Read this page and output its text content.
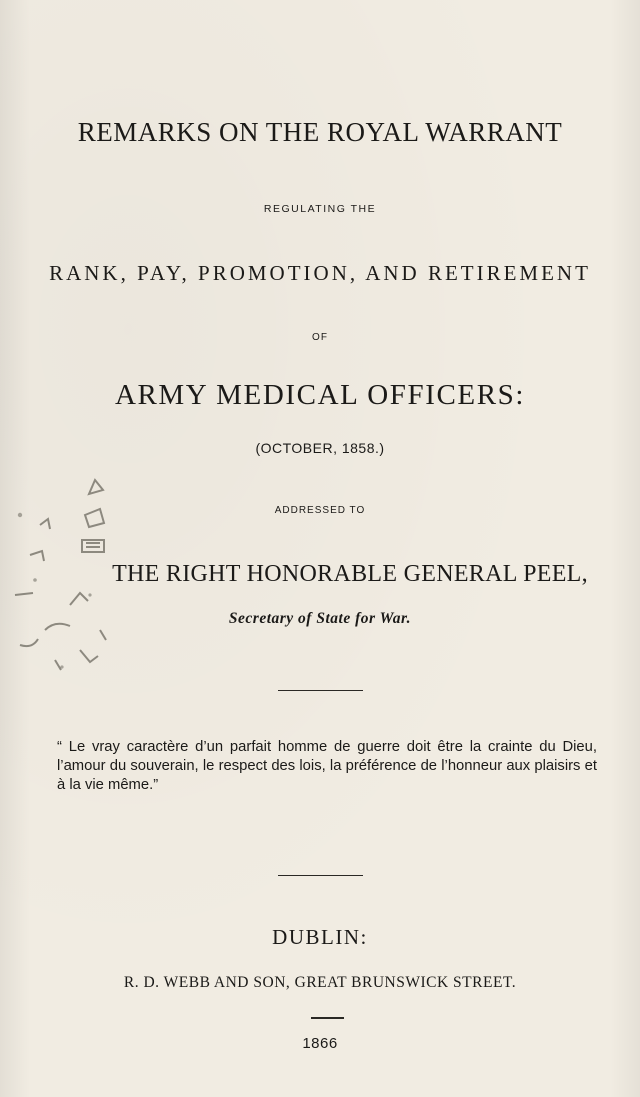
REMARKS ON THE ROYAL WARRANT
REGULATING THE
RANK, PAY, PROMOTION, AND RETIREMENT
OF
ARMY MEDICAL OFFICERS:
(OCTOBER, 1858.)
ADDRESSED TO
THE RIGHT HONORABLE GENERAL PEEL,
Secretary of State for War.
“ Le vray caractère d’un parfait homme de guerre doit être la crainte du Dieu, l’amour du souverain, le respect des lois, la préférence de l’honneur aux plaisirs et à la vie même.”
DUBLIN:
R. D. WEBB AND SON, GREAT BRUNSWICK STREET.
1866
